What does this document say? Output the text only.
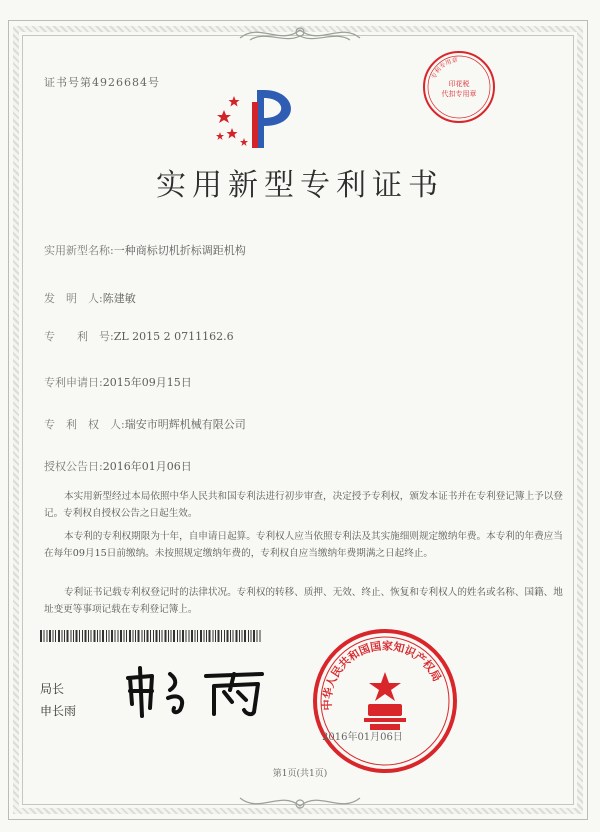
证书号第4926684号
专利专用章
印花税
代扣专用章
实用新型专利证书
实用新型名称:一种商标切机折标调距机构
发　明　人:陈建敏
专　　利　号:ZL 2015 2 0711162.6
专利申请日:2015年09月15日
专　利　权　人:瑞安市明辉机械有限公司
授权公告日:2016年01月06日

本实用新型经过本局依照中华人民共和国专利法进行初步审查，决定授予专利权，颁发本证书并在专利登记簿上予以登记。专利权自授权公告之日起生效。

本专利的专利权期限为十年，自申请日起算。专利权人应当依照专利法及其实施细则规定缴纳年费。本专利的年费应当在每年09月15日前缴纳。未按照规定缴纳年费的，专利权自应当缴纳年费期满之日起终止。

专利证书记载专利权登记时的法律状况。专利权的转移、质押、无效、终止、恢复和专利权人的姓名或名称、国籍、地址变更等事项记载在专利登记簿上。

局长
申长雨	中华人民共和国国家知识产权局
2016年01月06日
第1页(共1页)
